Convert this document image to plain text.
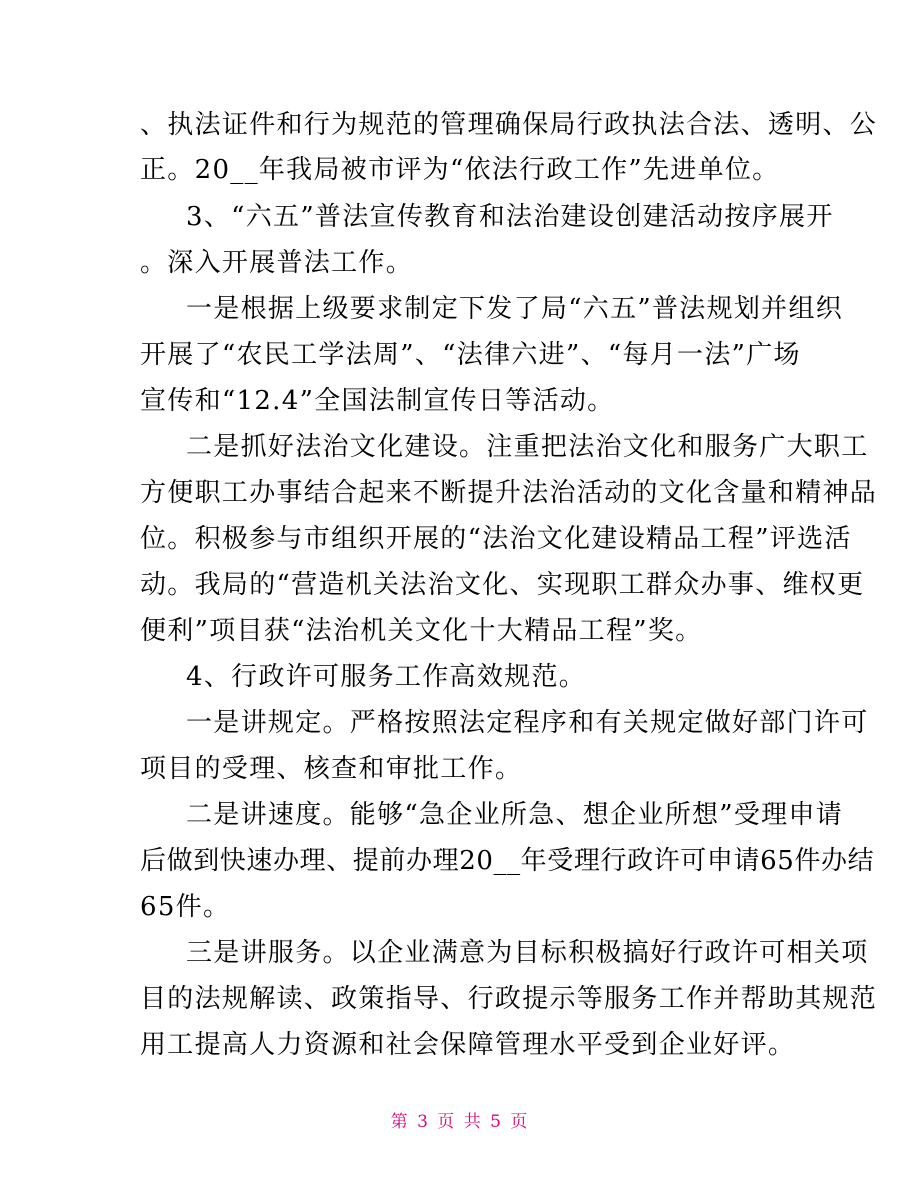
、执法证件和行为规范的管理确保局行政执法合法、透明、公
正。20__年我局被市评为“依法行政工作”先进单位。
3、“六五”普法宣传教育和法治建设创建活动按序展开
。深入开展普法工作。
一是根据上级要求制定下发了局“六五”普法规划并组织
开展了“农民工学法周”、“法律六进”、“每月一法”广场
宣传和“12.4”全国法制宣传日等活动。
二是抓好法治文化建设。注重把法治文化和服务广大职工
方便职工办事结合起来不断提升法治活动的文化含量和精神品
位。积极参与市组织开展的“法治文化建设精品工程”评选活
动。我局的“营造机关法治文化、实现职工群众办事、维权更
便利”项目获“法治机关文化十大精品工程”奖。
4、行政许可服务工作高效规范。
一是讲规定。严格按照法定程序和有关规定做好部门许可
项目的受理、核查和审批工作。
二是讲速度。能够“急企业所急、想企业所想”受理申请
后做到快速办理、提前办理20__年受理行政许可申请65件办结
65件。
三是讲服务。以企业满意为目标积极搞好行政许可相关项
目的法规解读、政策指导、行政提示等服务工作并帮助其规范
用工提高人力资源和社会保障管理水平受到企业好评。
第 3 页 共 5 页
